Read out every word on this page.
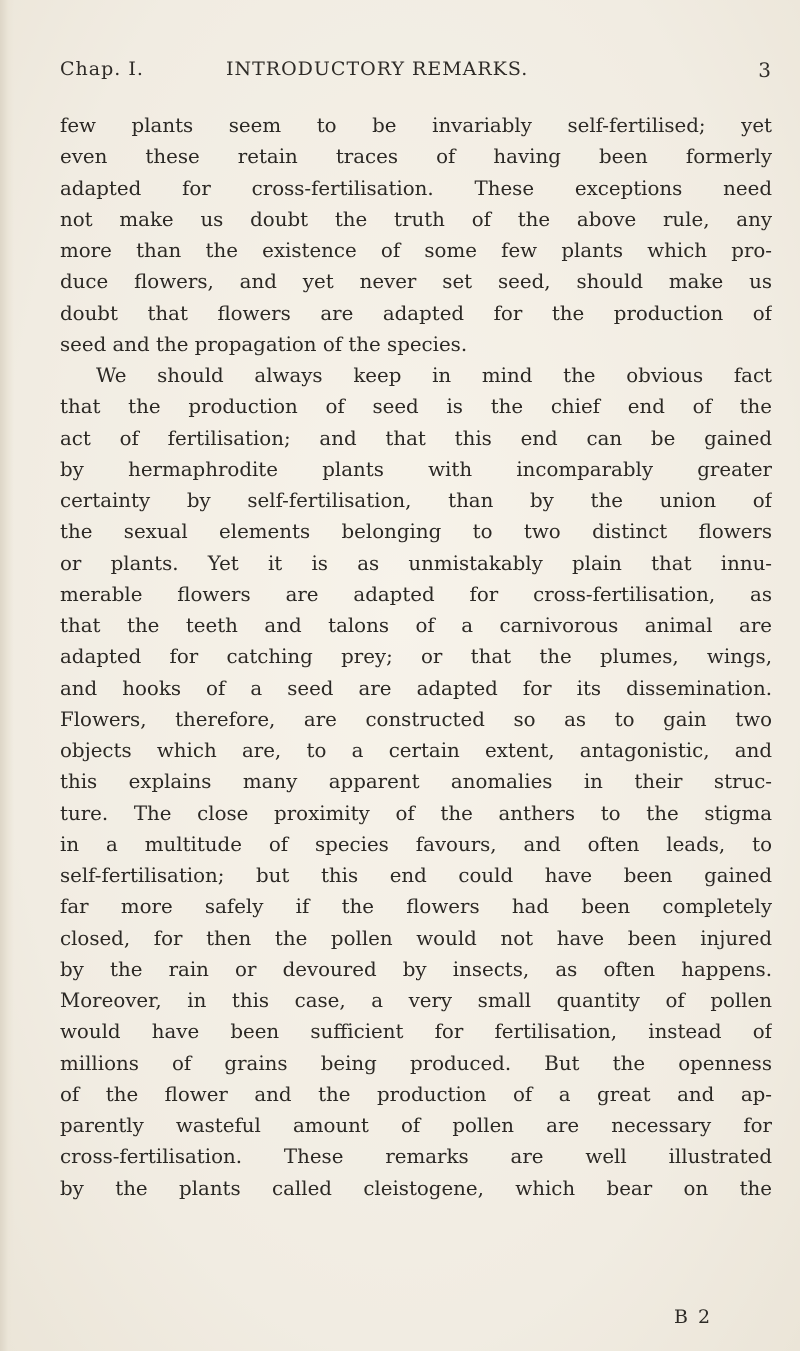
Chap. I.	INTRODUCTORY REMARKS.	3
few plants seem to be invariably self-fertilised; yet
even these retain traces of having been formerly
adapted for cross-fertilisation. These exceptions need
not make us doubt the truth of the above rule, any
more than the existence of some few plants which pro-
duce flowers, and yet never set seed, should make us
doubt that flowers are adapted for the production of
seed and the propagation of the species.
We should always keep in mind the obvious fact
that the production of seed is the chief end of the
act of fertilisation; and that this end can be gained
by hermaphrodite plants with incomparably greater
certainty by self-fertilisation, than by the union of
the sexual elements belonging to two distinct flowers
or plants. Yet it is as unmistakably plain that innu-
merable flowers are adapted for cross-fertilisation, as
that the teeth and talons of a carnivorous animal are
adapted for catching prey; or that the plumes, wings,
and hooks of a seed are adapted for its dissemination.
Flowers, therefore, are constructed so as to gain two
objects which are, to a certain extent, antagonistic, and
this explains many apparent anomalies in their struc-
ture. The close proximity of the anthers to the stigma
in a multitude of species favours, and often leads, to
self-fertilisation; but this end could have been gained
far more safely if the flowers had been completely
closed, for then the pollen would not have been injured
by the rain or devoured by insects, as often happens.
Moreover, in this case, a very small quantity of pollen
would have been sufficient for fertilisation, instead of
millions of grains being produced. But the openness
of the flower and the production of a great and ap-
parently wasteful amount of pollen are necessary for
cross-fertilisation. These remarks are well illustrated
by the plants called cleistogene, which bear on the
B 2
